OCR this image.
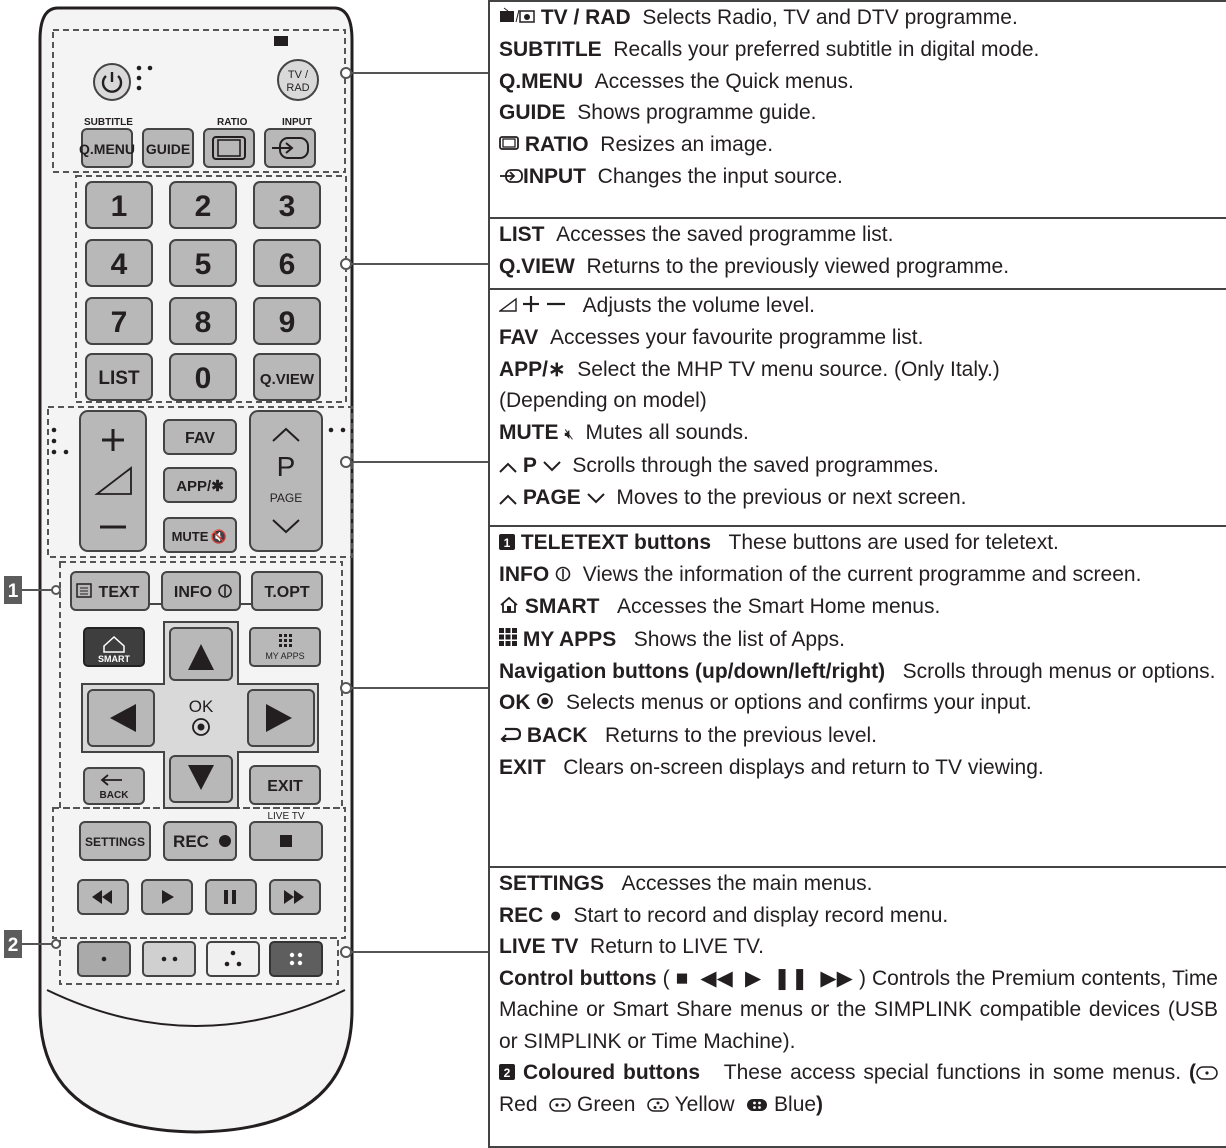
1
2
TV /
RAD
SUBTITLE	RATIO	INPUT
Q.MENU GUIDE
1 2 3
4 5 6
7 8 9
LIST 0	Q.VIEW
FAV
APP/✱
MUTE 🔇
P
PAGE
TEXT INFO	T.OPT
SMART	MY APPS
OK
BACK
EXIT
LIVE TV
SETTINGS REC
TV / RAD Selects Radio, TV and DTV programme.
SUBTITLE Recalls your preferred subtitle in digital mode.
Q.MENU Accesses the Quick menus.
GUIDE Shows programme guide.
RATIO Resizes an image.
INPUT Changes the input source.
LIST Accesses the saved programme list.
Q.VIEW Returns to the previously viewed programme.
Adjusts the volume level.
FAV Accesses your favourite programme list.
APP/∗ Select the MHP TV menu source. (Only Italy.)
(Depending on model)
MUTE 🔇︎ Mutes all sounds.
P Scrolls through the saved programmes.
PAGE Moves to the previous or next screen.
1 TELETEXT buttons These buttons are used for teletext.
INFO Views the information of the current programme and screen.
SMART Accesses the Smart Home menus.
MY APPS Shows the list of Apps.
Navigation buttons (up/down/left/right) Scrolls through menus or options.
OK Selects menus or options and confirms your input.
BACK Returns to the previous level.
EXIT Clears on-screen displays and return to TV viewing.
SETTINGS Accesses the main menus.
REC ● Start to record and display record menu.
LIVE TV Return to LIVE TV.
Control buttons ( ■ ◀◀ ▶ ❚❚ ▶▶ ) Controls the Premium contents, Time Machine or Smart Share menus or the SIMPLINK compatible devices (USB or SIMPLINK or Time Machine).
2 Coloured buttons These access special functions in some menus. ( Red Green Yellow Blue)
